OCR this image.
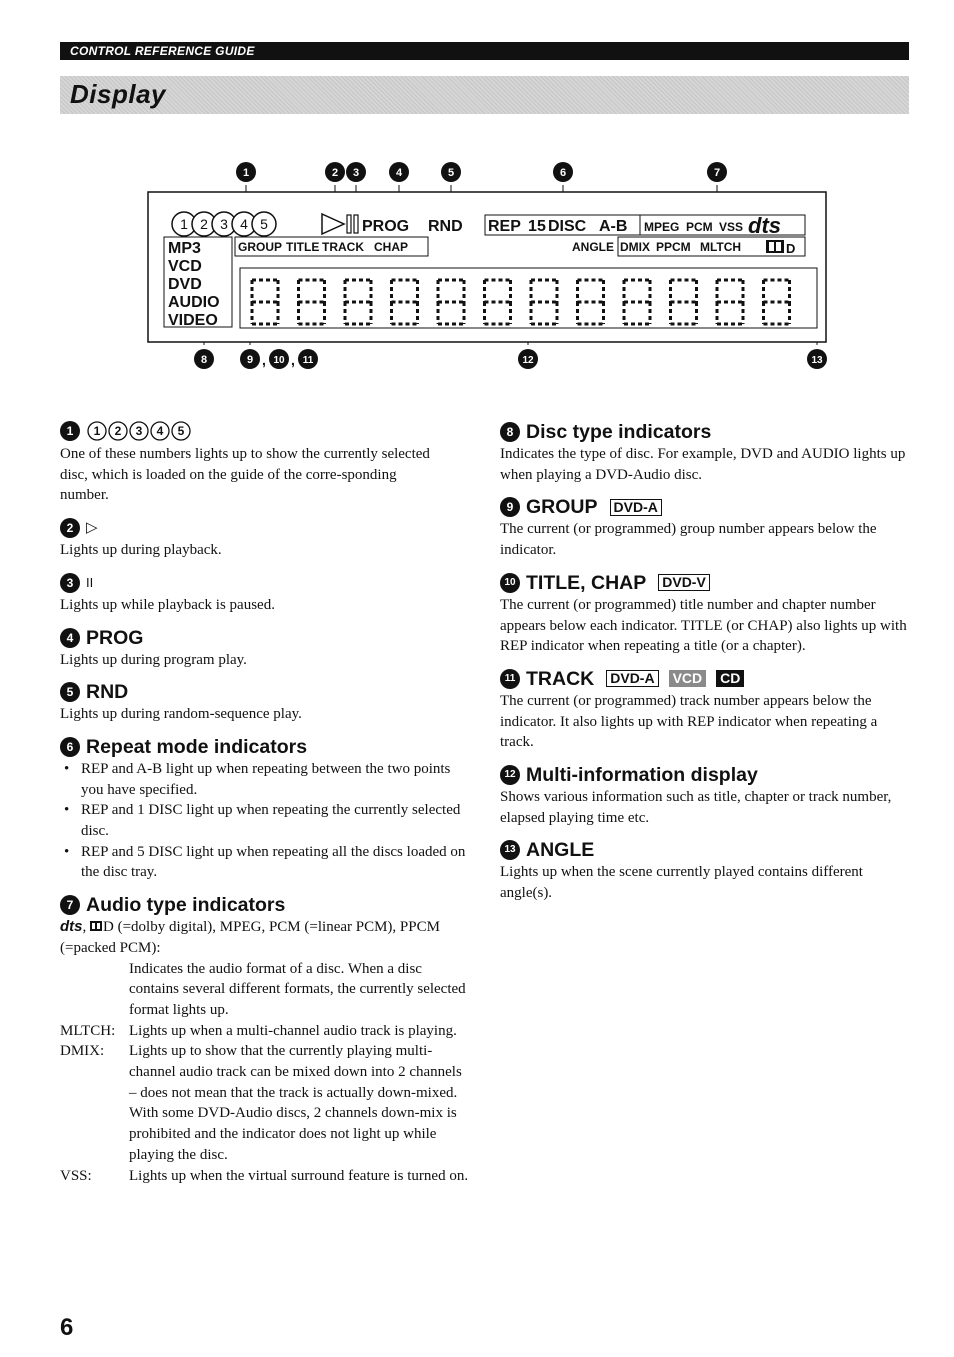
CONTROL REFERENCE GUIDE
Display
1	2 3	4	5	6	7
1 2 3 4 5	PROG RND REP 1 5 DISC A-B MPEG PCM VSS dts
GROUP TITLE TRACK CHAP	ANGLE DMIX PPCM MLTCH	D
MP3
VCD
DVD
AUDIO
VIDEO
8	9 , 10 , 11	12	13
1	1 2 3 4 5

One of these numbers lights up to show the currently selected disc, which is loaded on the guide of the corre-sponding number.

2 ▷

Lights up during playback.

3 II

Lights up while playback is paused.

4 PROG

Lights up during program play.

5 RND

Lights up during random-sequence play.

6 Repeat mode indicators
• REP and A-B light up when repeating between the two points you have specified.
• REP and 1 DISC light up when repeating the currently selected disc.
• REP and 5 DISC light up when repeating all the discs loaded on the disc tray.
7 Audio type indicators

dts,
D (=dolby digital), MPEG, PCM (=linear PCM), PPCM (=packed PCM):

Indicates the audio format of a disc. When a disc contains several different formats, the currently selected format lights up.

MLTCH: Lights up when a multi-channel audio track is playing.
DMIX:	Lights up to show that the currently playing multi-channel audio track can be mixed down into 2 channels – does not mean that the track is actually down-mixed. With some DVD-Audio discs, 2 channels down-mix is prohibited and the indicator does not light up while playing the disc.
VSS:	Lights up when the virtual surround feature is turned on.
8 Disc type indicators

Indicates the type of disc. For example, DVD and AUDIO lights up when playing a DVD-Audio disc.

9 GROUP DVD-A

The current (or programmed) group number appears below the indicator.

10 TITLE, CHAP DVD-V

The current (or programmed) title number and chapter number appears below each indicator. TITLE (or CHAP) also lights up with REP indicator when repeating a title (or a chapter).

11 TRACK DVD-A VCD CD

The current (or programmed) track number appears below the indicator. It also lights up with REP indicator when repeating a track.

12 Multi-information display

Shows various information such as title, chapter or track number, elapsed playing time etc.

13 ANGLE

Lights up when the scene currently played contains different angle(s).

6
